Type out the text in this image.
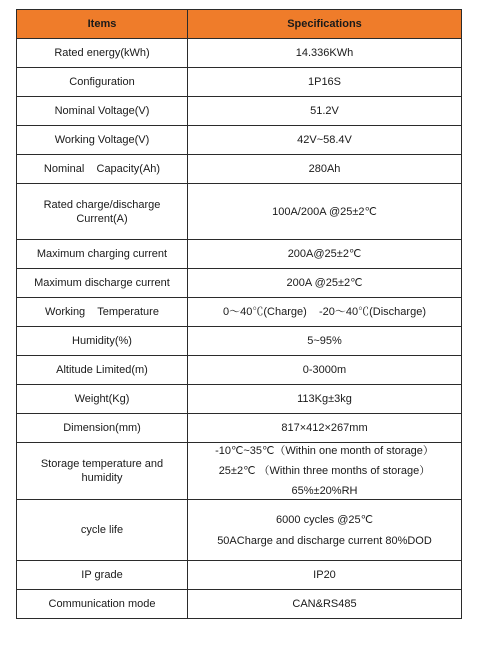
Items	Specifications
Rated energy(kWh)	14.336KWh
Configuration	1P16S
Nominal Voltage(V)	51.2V
Working Voltage(V)	42V~58.4V
Nominal    Capacity(Ah)	280Ah
Rated charge/discharge Current(A)	100A/200A @25±2℃
Maximum charging current	200A@25±2℃
Maximum discharge current	200A @25±2℃
Working    Temperature	0～40℃(Charge)    -20～40℃(Discharge)
Humidity(%)	5~95%
Altitude Limited(m)	0-3000m
Weight(Kg)	113Kg±3kg
Dimension(mm)	817×412×267mm
Storage temperature and humidity	-10℃~35℃（Within one month of storage）
25±2℃ （Within three months of storage）
65%±20%RH

cycle life	6000 cycles @25℃
50ACharge and discharge current 80%DOD

IP grade	IP20
Communication mode	CAN&RS485
